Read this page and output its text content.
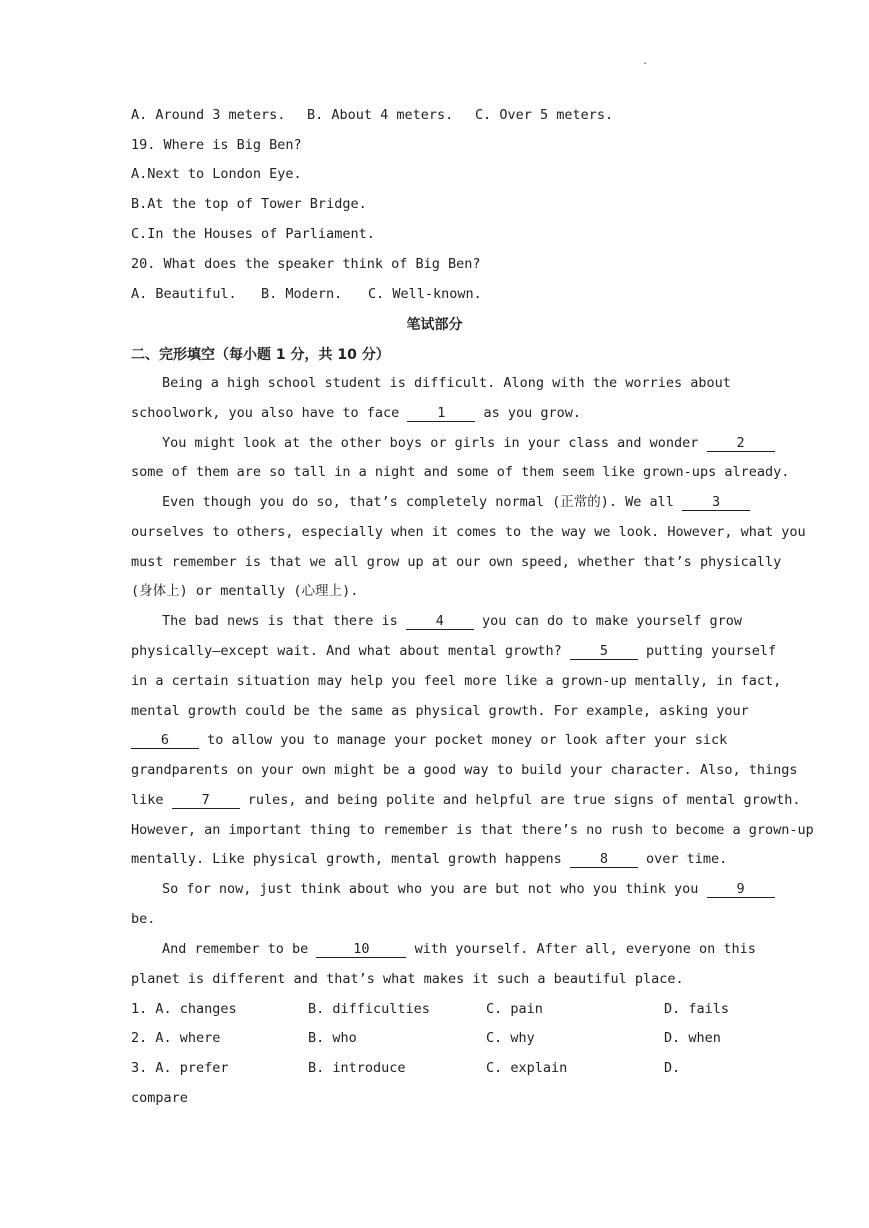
.
A. Around 3 meters. B. About 4 meters. C. Over 5 meters.
19. Where is Big Ben?
A.Next to London Eye.
B.At the top of Tower Bridge.
C.In the Houses of Parliament.
20. What does the speaker think of Big Ben?
A. Beautiful. B. Modern. C. Well-known.
笔试部分
二、完形填空（每小题 1 分，共 10 分）
Being a high school student is difficult. Along with the worries about
schoolwork, you also have to face 1 as you grow.
You might look at the other boys or girls in your class and wonder 2
some of them are so tall in a night and some of them seem like grown-ups already.
Even though you do so, that’s completely normal (正常的). We all 3
ourselves to others, especially when it comes to the way we look. However, what you
must remember is that we all grow up at our own speed, whether that’s physically
(身体上) or mentally (心理上).
The bad news is that there is 4 you can do to make yourself grow
physically—except wait. And what about mental growth? 5 putting yourself
in a certain situation may help you feel more like a grown-up mentally, in fact,
mental growth could be the same as physical growth. For example, asking your
6 to allow you to manage your pocket money or look after your sick
grandparents on your own might be a good way to build your character. Also, things
like 7 rules, and being polite and helpful are true signs of mental growth.
However, an important thing to remember is that there’s no rush to become a grown-up
mentally. Like physical growth, mental growth happens 8 over time.
So for now, just think about who you are but not who you think you 9
be.
And remember to be	10	with yourself. After all, everyone on this
planet is different and that’s what makes it such a beautiful place.
1. A. changes	B. difficulties	C. pain	D. fails
2. A. where	B. who	C. why	D. when
3. A. prefer	B. introduce	C. explain	D.
compare
